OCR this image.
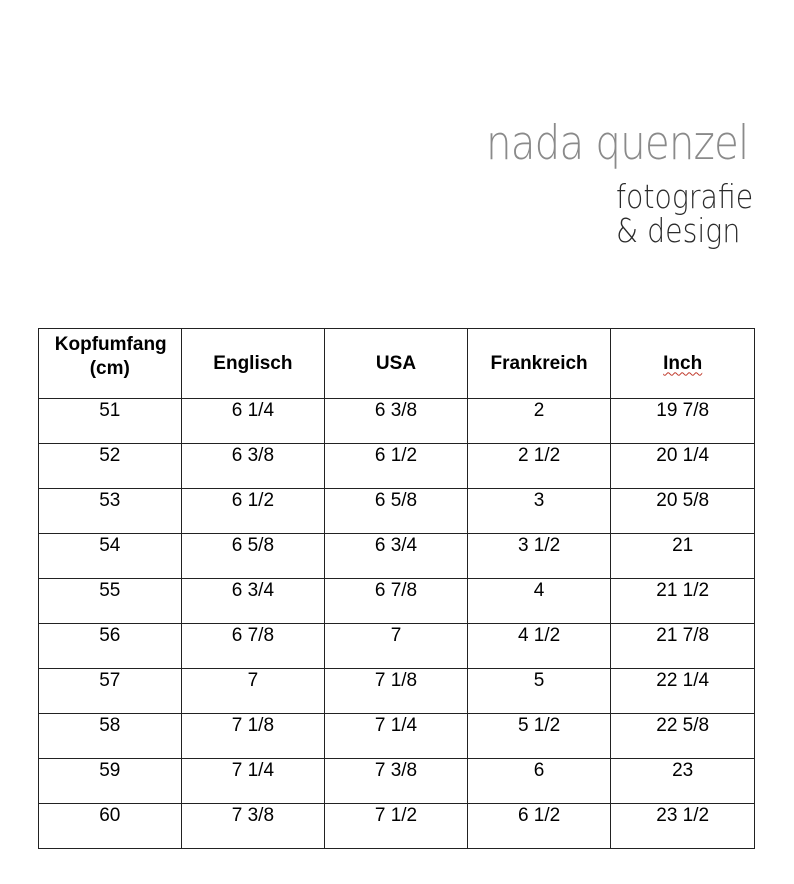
nada quenzel
fotografie
& design
Kopfumfang (cm)	Englisch	USA	Frankreich	Inch
51	6 1/4	6 3/8	2	19 7/8
52	6 3/8	6 1/2	2 1/2	20 1/4
53	6 1/2	6 5/8	3	20 5/8
54	6 5/8	6 3/4	3 1/2	21
55	6 3/4	6 7/8	4	21 1/2
56	6 7/8	7	4 1/2	21 7/8
57	7	7 1/8	5	22 1/4
58	7 1/8	7 1/4	5 1/2	22 5/8
59	7 1/4	7 3/8	6	23
60	7 3/8	7 1/2	6 1/2	23 1/2
